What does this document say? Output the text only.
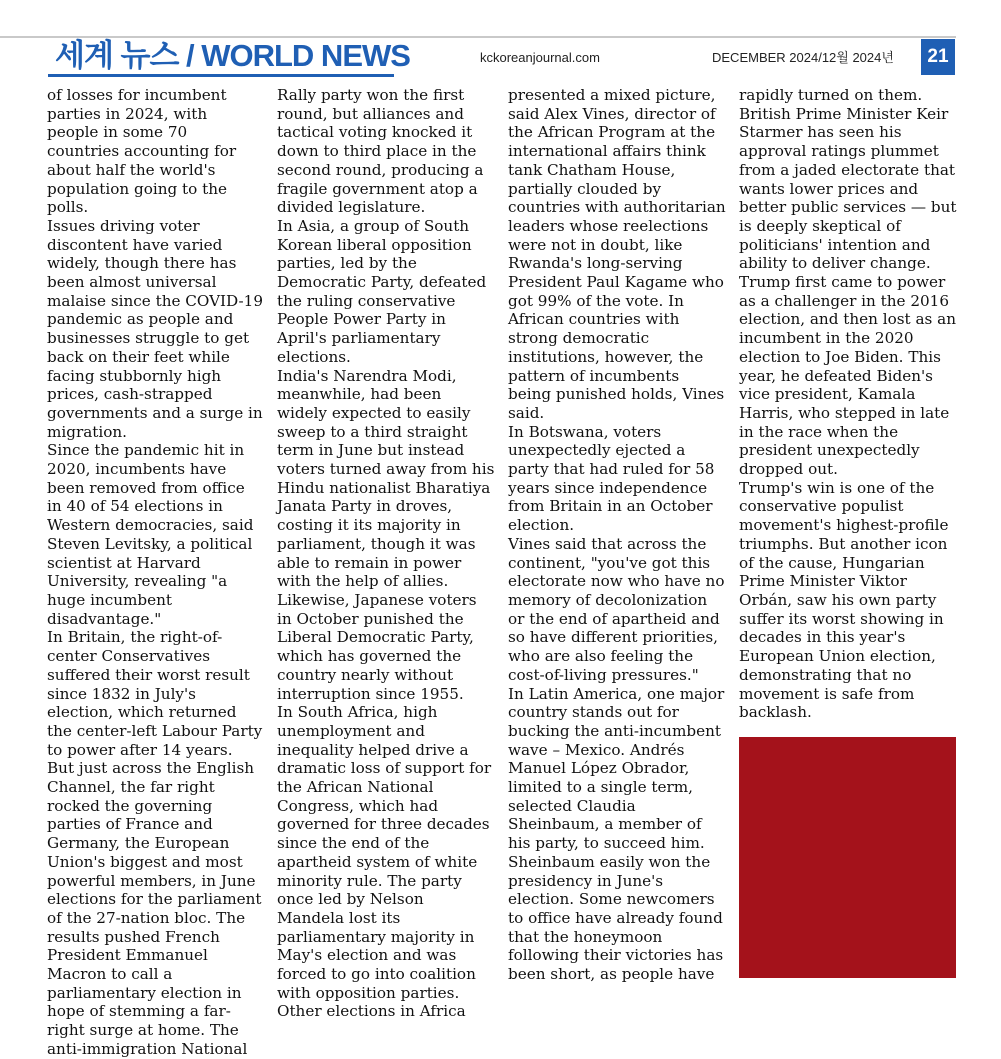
세계 뉴스 / WORLD NEWS	kckoreanjournal.com	DECEMBER 2024/12월 2024년	21

of losses for incumbent parties in 2024, with people in some 70 countries accounting for about half the world's population going to the polls.

Issues driving voter discontent have varied widely, though there has been almost universal malaise since the COVID-19 pandemic as people and businesses struggle to get back on their feet while facing stubbornly high prices, cash-strapped governments and a surge in migration.

Since the pandemic hit in 2020, incumbents have been removed from office in 40 of 54 elections in Western democracies, said Steven Levitsky, a political scientist at Harvard University, revealing "a huge incumbent disadvantage."

In Britain, the right-of-center Conservatives suffered their worst result since 1832 in July's election, which returned the center-left Labour Party to power after 14 years.

But just across the English Channel, the far right rocked the governing parties of France and Germany, the European Union's biggest and most powerful members, in June elections for the parliament of the 27-nation bloc. The results pushed French President Emmanuel Macron to call a parliamentary election in hope of stemming a far-right surge at home. The anti-immigration National

Rally party won the first round, but alliances and tactical voting knocked it down to third place in the second round, producing a fragile government atop a divided legislature.

In Asia, a group of South Korean liberal opposition parties, led by the Democratic Party, defeated the ruling conservative People Power Party in April's parliamentary elections.

India's Narendra Modi, meanwhile, had been widely expected to easily sweep to a third straight term in June but instead voters turned away from his Hindu nationalist Bharatiya Janata Party in droves, costing it its majority in parliament, though it was able to remain in power with the help of allies.

Likewise, Japanese voters in October punished the Liberal Democratic Party, which has governed the country nearly without interruption since 1955.

In South Africa, high unemployment and inequality helped drive a dramatic loss of support for the African National Congress, which had governed for three decades since the end of the apartheid system of white minority rule. The party once led by Nelson Mandela lost its parliamentary majority in May's election and was forced to go into coalition with opposition parties.

Other elections in Africa

presented a mixed picture, said Alex Vines, director of the African Program at the international affairs think tank Chatham House, partially clouded by countries with authoritarian leaders whose reelections were not in doubt, like Rwanda's long-serving President Paul Kagame who got 99% of the vote. In African countries with strong democratic institutions, however, the pattern of incumbents being punished holds, Vines said.

In Botswana, voters unexpectedly ejected a party that had ruled for 58 years since independence from Britain in an October election.

Vines said that across the continent, "you've got this electorate now who have no memory of decolonization or the end of apartheid and so have different priorities, who are also feeling the cost-of-living pressures."

In Latin America, one major country stands out for bucking the anti-incumbent wave – Mexico. Andrés Manuel López Obrador, limited to a single term, selected Claudia Sheinbaum, a member of his party, to succeed him. Sheinbaum easily won the presidency in June's election. Some newcomers to office have already found that the honeymoon following their victories has been short, as people have

rapidly turned on them. British Prime Minister Keir Starmer has seen his approval ratings plummet from a jaded electorate that wants lower prices and better public services — but is deeply skeptical of politicians' intention and ability to deliver change.

Trump first came to power as a challenger in the 2016 election, and then lost as an incumbent in the 2020 election to Joe Biden. This year, he defeated Biden's vice president, Kamala Harris, who stepped in late in the race when the president unexpectedly dropped out.

Trump's win is one of the conservative populist movement's highest-profile triumphs. But another icon of the cause, Hungarian Prime Minister Viktor Orbán, saw his own party suffer its worst showing in decades in this year's European Union election, demonstrating that no movement is safe from backlash.
